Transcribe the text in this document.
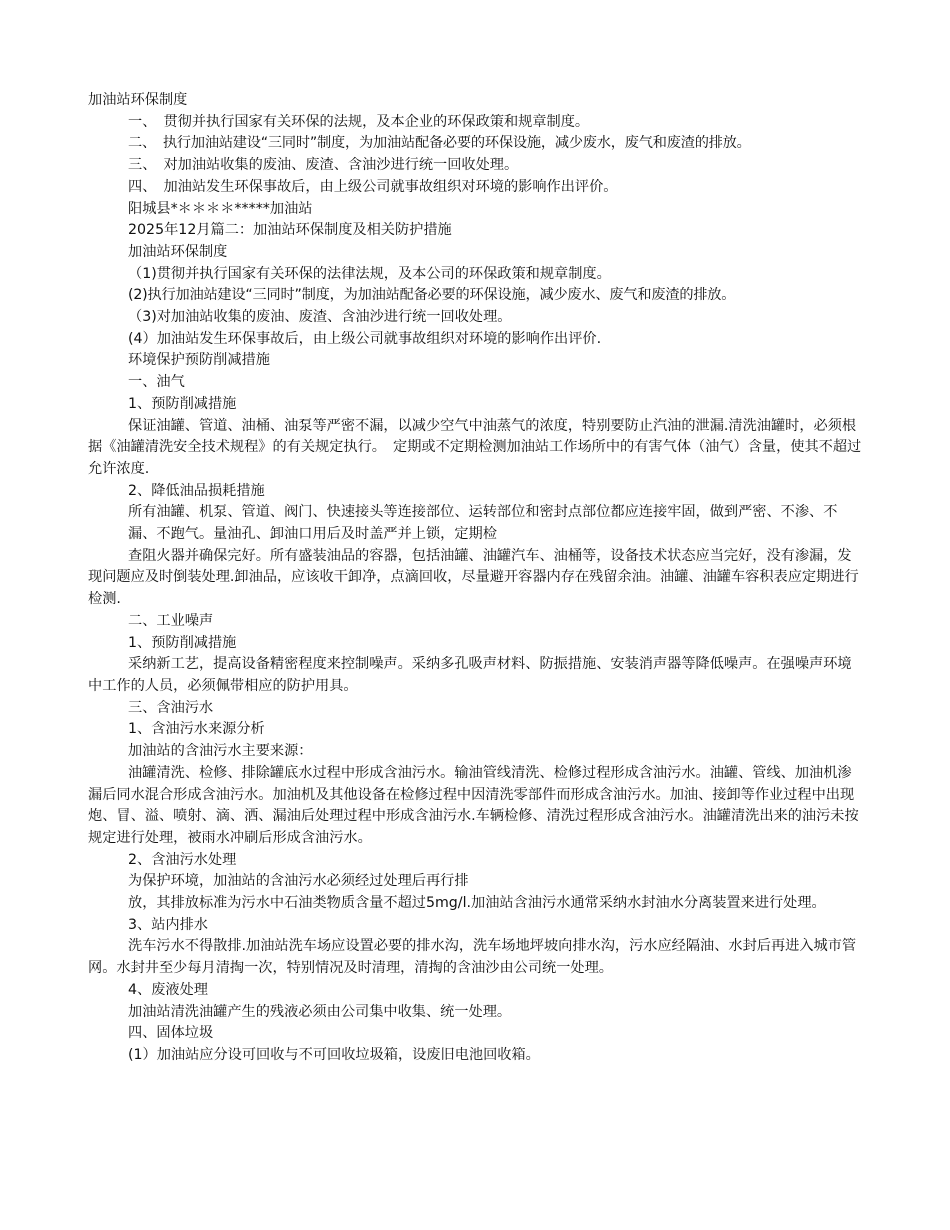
加油站环保制度

一、　贯彻并执行国家有关环保的法规，及本企业的环保政策和规章制度。

二、　执行加油站建设“三同时”制度，为加油站配备必要的环保设施，减少废水，废气和废渣的排放。

三、　对加油站收集的废油、废渣、含油沙进行统一回收处理。

四、　加油站发生环保事故后，由上级公司就事故组织对环境的影响作出评价。

阳城县*＊＊＊＊*****加油站

2025年12月篇二：加油站环保制度及相关防护措施

加油站环保制度

（1)贯彻并执行国家有关环保的法律法规，及本公司的环保政策和规章制度。

(2)执行加油站建设“三同时”制度，为加油站配备必要的环保设施，减少废水、废气和废渣的排放。

（3)对加油站收集的废油、废渣、含油沙进行统一回收处理。

(4）加油站发生环保事故后，由上级公司就事故组织对环境的影响作出评价.

环境保护预防削减措施

一、油气

1、预防削减措施

保证油罐、管道、油桶、油泵等严密不漏，以减少空气中油蒸气的浓度，特别要防止汽油的泄漏.清洗油罐时，必须根据《油罐清洗安全技术规程》的有关规定执行。　定期或不定期检测加油站工作场所中的有害气体（油气）含量，使其不超过允许浓度.

2、降低油品损耗措施

所有油罐、机泵、管道、阀门、快速接头等连接部位、运转部位和密封点部位都应连接牢固，做到严密、不渗、不

漏、不跑气。量油孔、卸油口用后及时盖严并上锁，定期检

查阻火器并确保完好。所有盛装油品的容器，包括油罐、油罐汽车、油桶等，设备技术状态应当完好，没有渗漏，发现问题应及时倒装处理.卸油品，应该收干卸净，点滴回收，尽量避开容器内存在残留余油。油罐、油罐车容积表应定期进行检测.

二、工业噪声

1、预防削减措施

采纳新工艺，提高设备精密程度来控制噪声。采纳多孔吸声材料、防振措施、安装消声器等降低噪声。在强噪声环境中工作的人员，必须佩带相应的防护用具。

三、含油污水

1、含油污水来源分析

加油站的含油污水主要来源：

油罐清洗、检修、排除罐底水过程中形成含油污水。输油管线清洗、检修过程形成含油污水。油罐、管线、加油机渗漏后同水混合形成含油污水。加油机及其他设备在检修过程中因清洗零部件而形成含油污水。加油、接卸等作业过程中出现炮、冒、溢、喷射、滴、洒、漏油后处理过程中形成含油污水.车辆检修、清洗过程形成含油污水。油罐清洗出来的油污未按规定进行处理，被雨水冲刷后形成含油污水。

2、含油污水处理

为保护环境，加油站的含油污水必须经过处理后再行排

放，其排放标准为污水中石油类物质含量不超过5mg/l.加油站含油污水通常采纳水封油水分离装置来进行处理。

3、站内排水

洗车污水不得散排.加油站洗车场应设置必要的排水沟，洗车场地坪坡向排水沟，污水应经隔油、水封后再进入城市管网。水封井至少每月清掏一次，特别情况及时清理，清掏的含油沙由公司统一处理。

4、废液处理

加油站清洗油罐产生的残液必须由公司集中收集、统一处理。

四、固体垃圾

(1）加油站应分设可回收与不可回收垃圾箱，设废旧电池回收箱。
